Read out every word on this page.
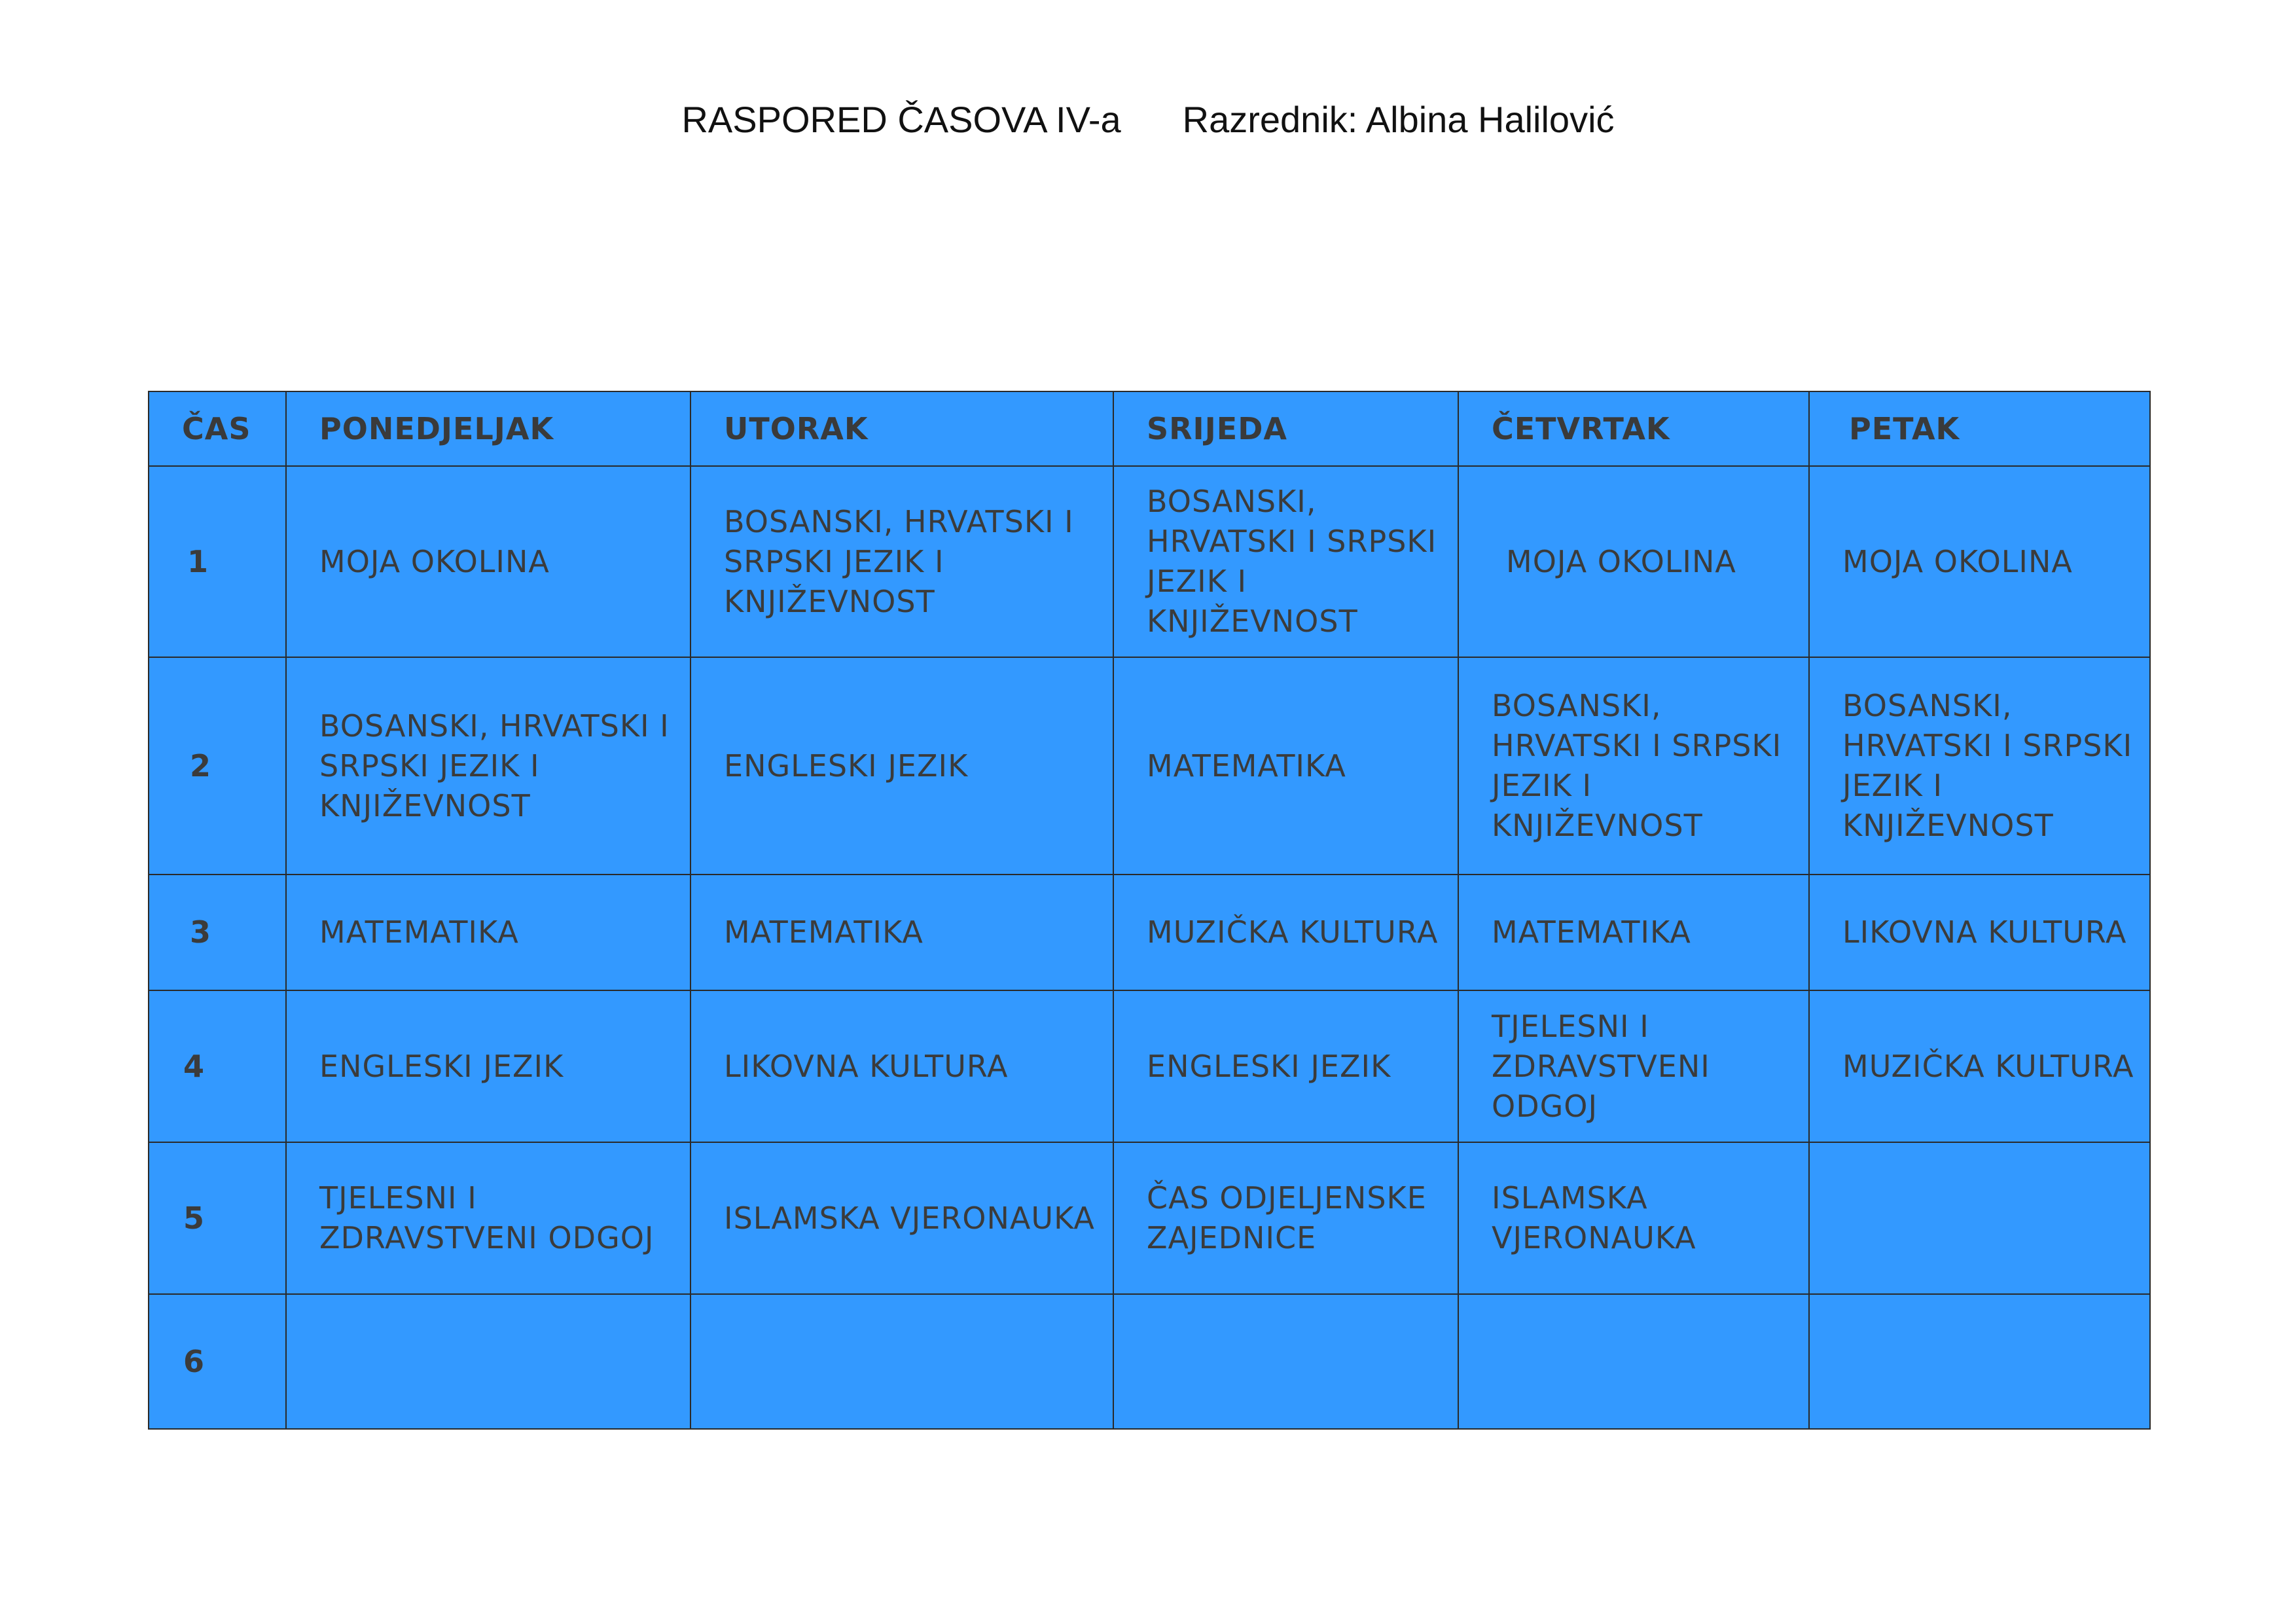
RASPORED ČASOVA IV-a Razrednik: Albina Halilović
ČAS	PONEDJELJAK	UTORAK	SRIJEDA	ČETVRTAK	PETAK
1	MOJA OKOLINA	BOSANSKI, HRVATSKI I SRPSKI JEZIK I KNJIŽEVNOST	BOSANSKI, HRVATSKI I SRPSKI JEZIK I KNJIŽEVNOST	MOJA OKOLINA	MOJA OKOLINA
2	BOSANSKI, HRVATSKI I SRPSKI JEZIK I KNJIŽEVNOST	ENGLESKI JEZIK	MATEMATIKA	BOSANSKI, HRVATSKI I SRPSKI JEZIK I KNJIŽEVNOST	BOSANSKI, HRVATSKI I SRPSKI JEZIK I KNJIŽEVNOST
3	MATEMATIKA	MATEMATIKA	MUZIČKA KULTURA	MATEMATIKA	LIKOVNA KULTURA
4	ENGLESKI JEZIK	LIKOVNA KULTURA	ENGLESKI JEZIK	TJELESNI I ZDRAVSTVENI ODGOJ	MUZIČKA KULTURA
5	TJELESNI I ZDRAVSTVENI ODGOJ	ISLAMSKA VJERONAUKA	ČAS ODJELJENSKE ZAJEDNICE	ISLAMSKA VJERONAUKA	
6					
